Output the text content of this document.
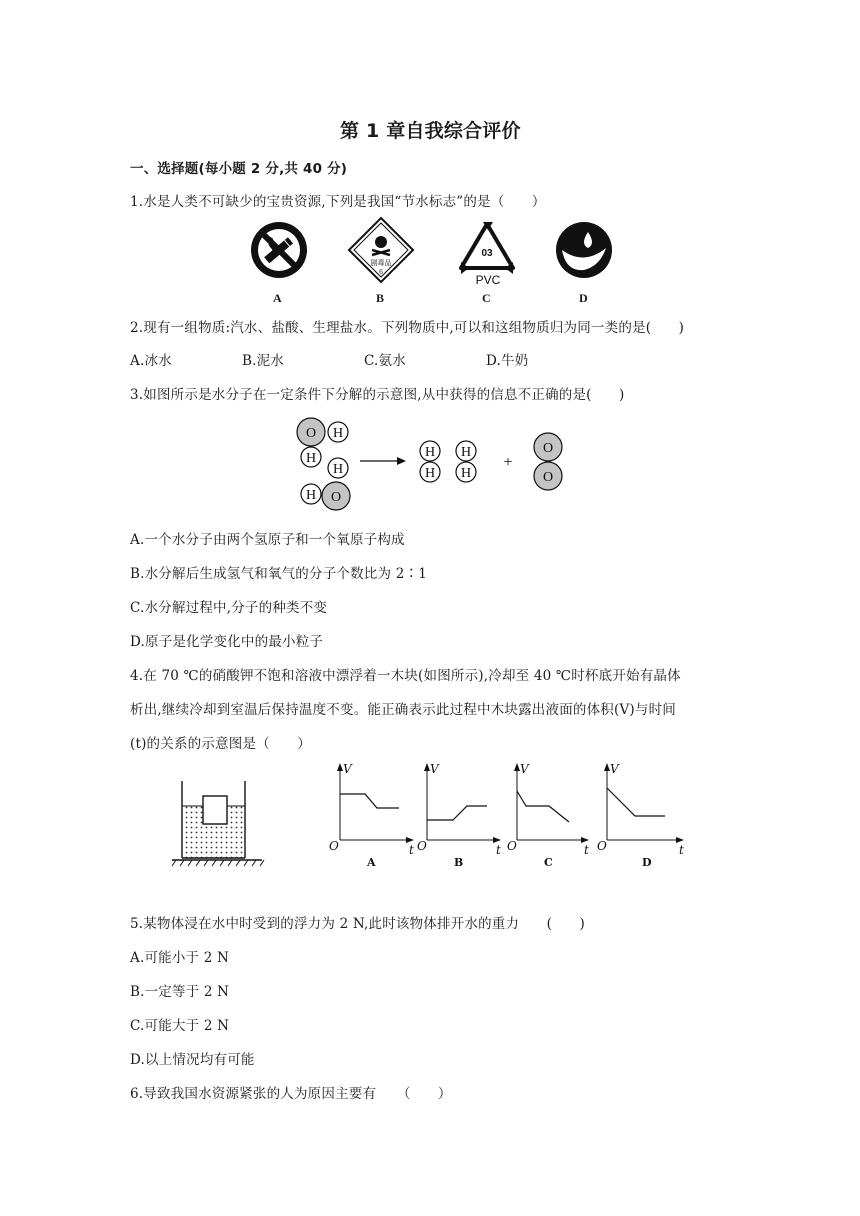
第 1 章自我综合评价
一、选择题(每小题 2 分,共 40 分)
1.水是人类不可缺少的宝贵资源,下列是我国“节水标志”的是（　　）
A
剧毒品
6
B
03
PVC
C	D
2.现有一组物质:汽水、盐酸、生理盐水。下列物质中,可以和这组物质归为同一类的是(　　)
A.冰水	B.泥水	C.氨水	D.牛奶
3.如图所示是水分子在一定条件下分解的示意图,从中获得的信息不正确的是(　　)
O H
H
H
H O
H
H
H
H
O
O
+
A.一个水分子由两个氢原子和一个氧原子构成
B.水分解后生成氢气和氧气的分子个数比为 2∶1
C.水分解过程中,分子的种类不变
D.原子是化学变化中的最小粒子
4.在 70 ℃的硝酸钾不饱和溶液中漂浮着一木块(如图所示),冷却至 40 ℃时杯底开始有晶体
析出,继续冷却到室温后保持温度不变。能正确表示此过程中木块露出液面的体积(V)与时间
(t)的关系的示意图是（　　）
V
t
O
A
V
t
O
B
V
t
O
C
V
t
O
D
5.某物体浸在水中时受到的浮力为 2 N,此时该物体排开水的重力　　(　　)
A.可能小于 2 N
B.一定等于 2 N
C.可能大于 2 N
D.以上情况均有可能
6.导致我国水资源紧张的人为原因主要有　　（　　）
